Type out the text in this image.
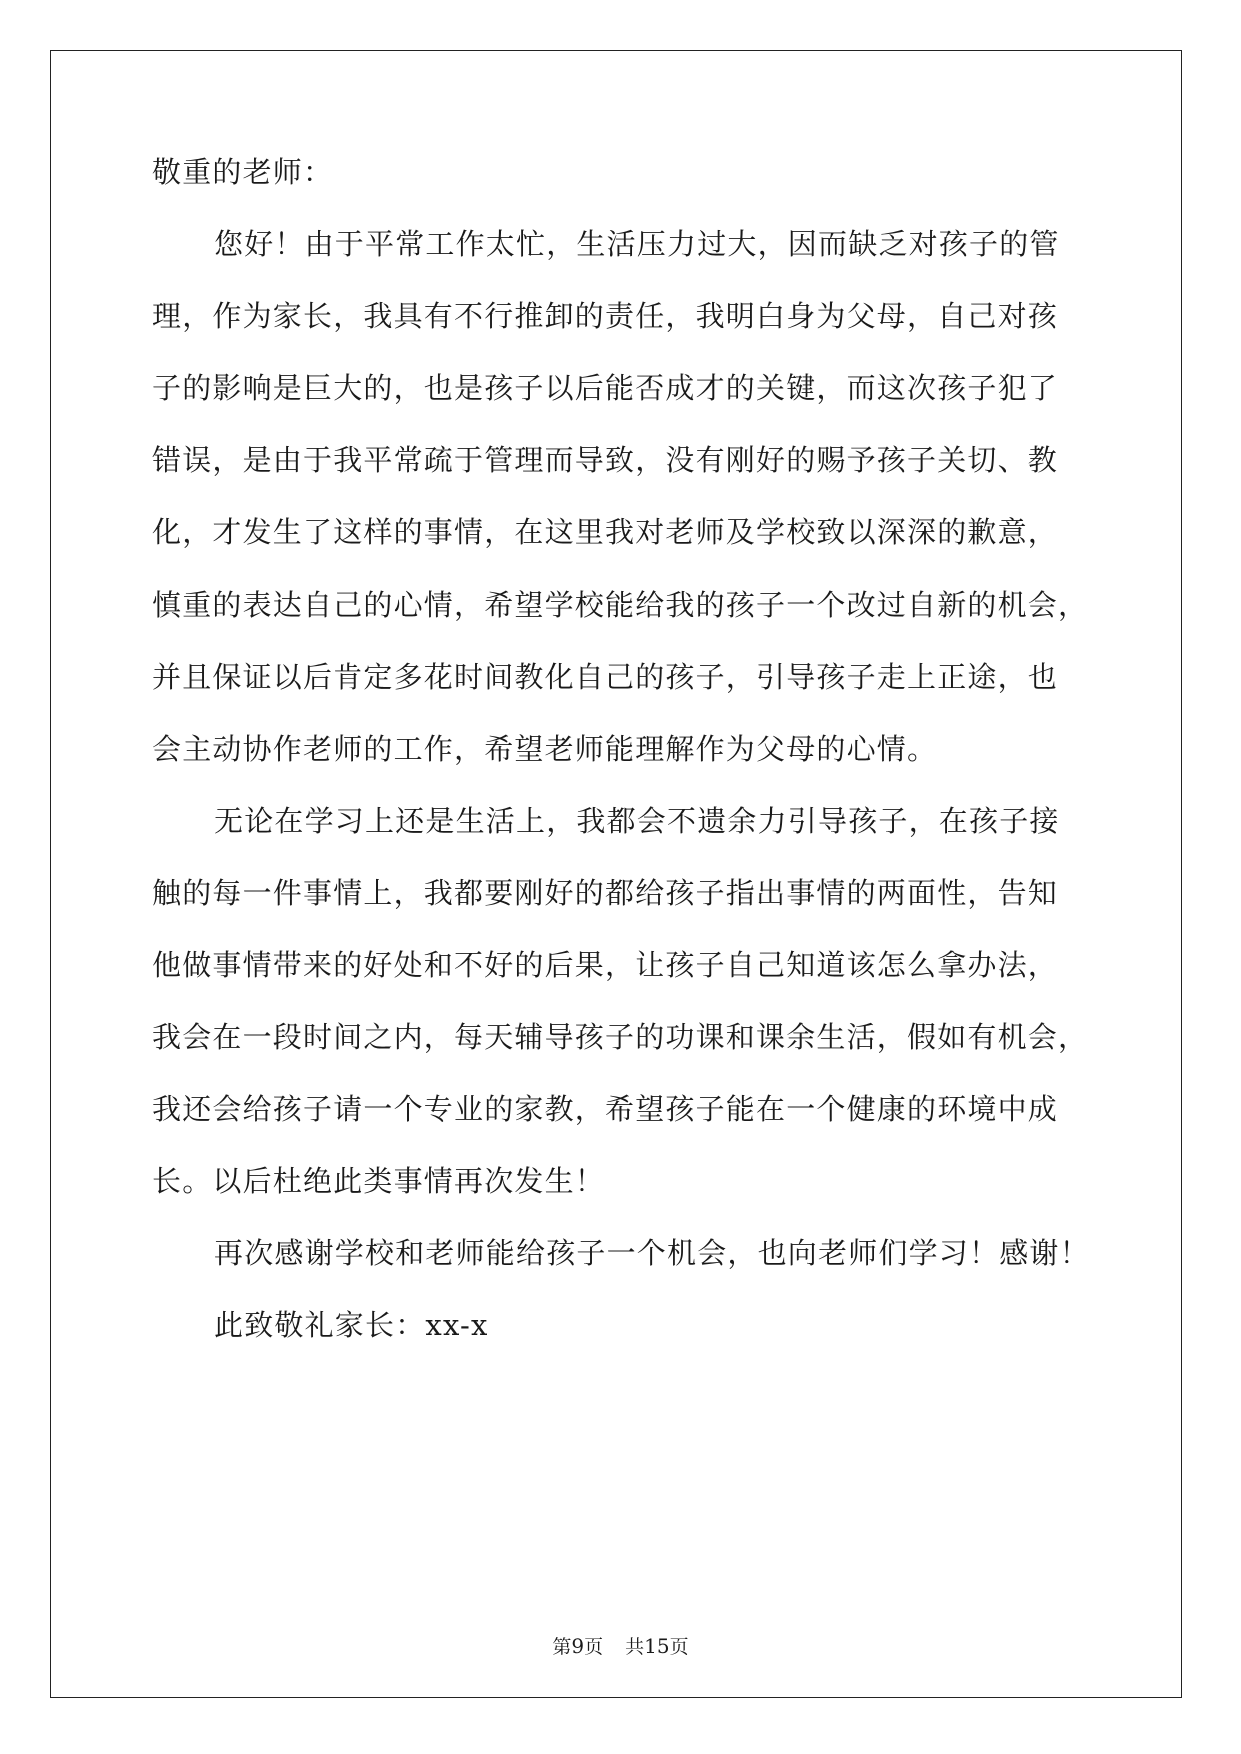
敬重的老师：
您好！由于平常工作太忙，生活压力过大，因而缺乏对孩子的管
理，作为家长，我具有不行推卸的责任，我明白身为父母，自己对孩
子的影响是巨大的，也是孩子以后能否成才的关键，而这次孩子犯了
错误，是由于我平常疏于管理而导致，没有刚好的赐予孩子关切、教
化，才发生了这样的事情，在这里我对老师及学校致以深深的歉意，
慎重的表达自己的心情，希望学校能给我的孩子一个改过自新的机会，
并且保证以后肯定多花时间教化自己的孩子，引导孩子走上正途，也
会主动协作老师的工作，希望老师能理解作为父母的心情。
无论在学习上还是生活上，我都会不遗余力引导孩子，在孩子接
触的每一件事情上，我都要刚好的都给孩子指出事情的两面性，告知
他做事情带来的好处和不好的后果，让孩子自己知道该怎么拿办法，
我会在一段时间之内，每天辅导孩子的功课和课余生活，假如有机会，
我还会给孩子请一个专业的家教，希望孩子能在一个健康的环境中成
长。以后杜绝此类事情再次发生！
再次感谢学校和老师能给孩子一个机会，也向老师们学习！感谢！
此致敬礼家长：xx-x
第9页 共15页
